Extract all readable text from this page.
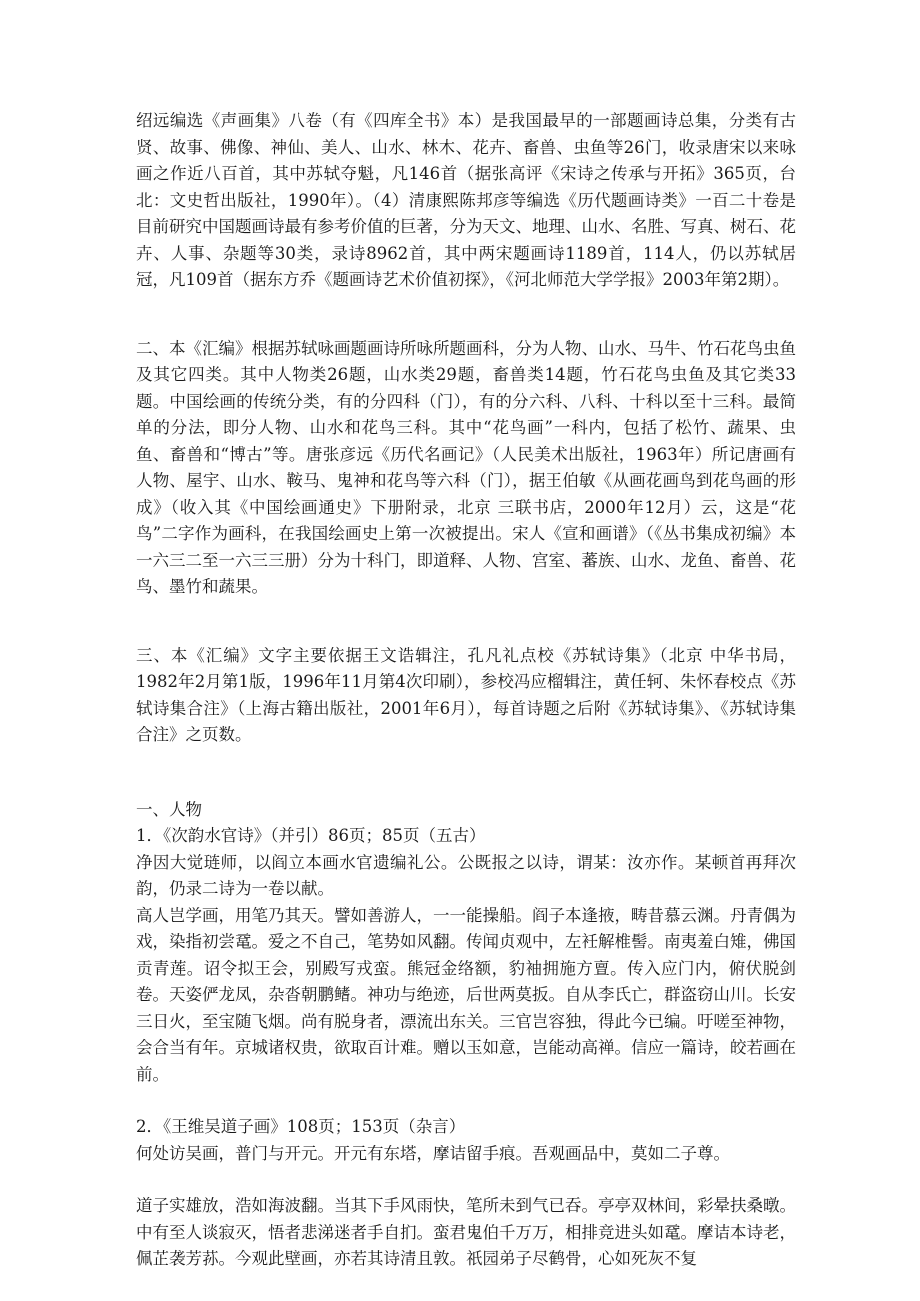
绍远编选《声画集》八卷（有《四库全书》本）是我国最早的一部题画诗总集，分类有古贤、故事、佛像、神仙、美人、山水、林木、花卉、畜兽、虫鱼等26门，收录唐宋以来咏画之作近八百首，其中苏轼夺魁，凡146首（据张高评《宋诗之传承与开拓》365页，台北：文史哲出版社，1990年）。（4）清康熙陈邦彦等编选《历代题画诗类》一百二十卷是目前研究中国题画诗最有参考价值的巨著，分为天文、地理、山水、名胜、写真、树石、花卉、人事、杂题等30类，录诗8962首，其中两宋题画诗1189首，114人，仍以苏轼居冠，凡109首（据东方乔《题画诗艺术价值初探》，《河北师范大学学报》2003年第2期）。

二、本《汇编》根据苏轼咏画题画诗所咏所题画科，分为人物、山水、马牛、竹石花鸟虫鱼及其它四类。其中人物类26题，山水类29题，畜兽类14题，竹石花鸟虫鱼及其它类33题。中国绘画的传统分类，有的分四科（门），有的分六科、八科、十科以至十三科。最简单的分法，即分人物、山水和花鸟三科。其中“花鸟画”一科内，包括了松竹、蔬果、虫鱼、畜兽和“博古”等。唐张彦远《历代名画记》（人民美术出版社，1963年）所记唐画有人物、屋宇、山水、鞍马、鬼神和花鸟等六科（门），据王伯敏《从画花画鸟到花鸟画的形成》（收入其《中国绘画通史》下册附录，北京 三联书店，2000年12月）云，这是“花鸟”二字作为画科，在我国绘画史上第一次被提出。宋人《宣和画谱》（《丛书集成初编》本一六三二至一六三三册）分为十科门，即道释、人物、宫室、蕃族、山水、龙鱼、畜兽、花鸟、墨竹和蔬果。

三、本《汇编》文字主要依据王文诰辑注，孔凡礼点校《苏轼诗集》（北京 中华书局，1982年2月第1版，1996年11月第4次印刷），参校冯应榴辑注，黄任轲、朱怀春校点《苏轼诗集合注》（上海古籍出版社，2001年6月），每首诗题之后附《苏轼诗集》、《苏轼诗集合注》之页数。

一、人物

1．《次韵水官诗》（并引）86页；85页（五古）

净因大觉琏师，以阎立本画水官遗编礼公。公既报之以诗，谓某：汝亦作。某顿首再拜次韵，仍录二诗为一卷以献。

高人岂学画，用笔乃其天。譬如善游人，一一能操船。阎子本逢掖，畴昔慕云渊。丹青偶为戏，染指初尝鼋。爱之不自己，笔势如风翻。传闻贞观中，左衽解椎髻。南夷羞白雉，佛国贡青莲。诏令拟王会，别殿写戎蛮。熊冠金络额，豹袖拥施方亶。传入应门内，俯伏脱剑卷。天姿俨龙凤，杂沓朝鹏鳍。神功与绝迹，后世两莫扳。自从李氏亡，群盗窃山川。长安三日火，至宝随飞烟。尚有脱身者，漂流出东关。三官岂容独，得此今已编。吁嗟至神物，会合当有年。京城诸权贵，欲取百计难。赠以玉如意，岂能动高禅。信应一篇诗，皎若画在前。

2．《王维吴道子画》108页；153页（杂言）

何处访吴画，普门与开元。开元有东塔，摩诘留手痕。吾观画品中，莫如二子尊。

道子实雄放，浩如海波翻。当其下手风雨快，笔所未到气已吞。亭亭双林间，彩晕扶桑暾。中有至人谈寂灭，悟者悲涕迷者手自扪。蛮君鬼伯千万万，相排竞进头如鼋。摩诘本诗老，佩芷袭芳荪。今观此壁画，亦若其诗清且敦。祇园弟子尽鹤骨，心如死灰不复
